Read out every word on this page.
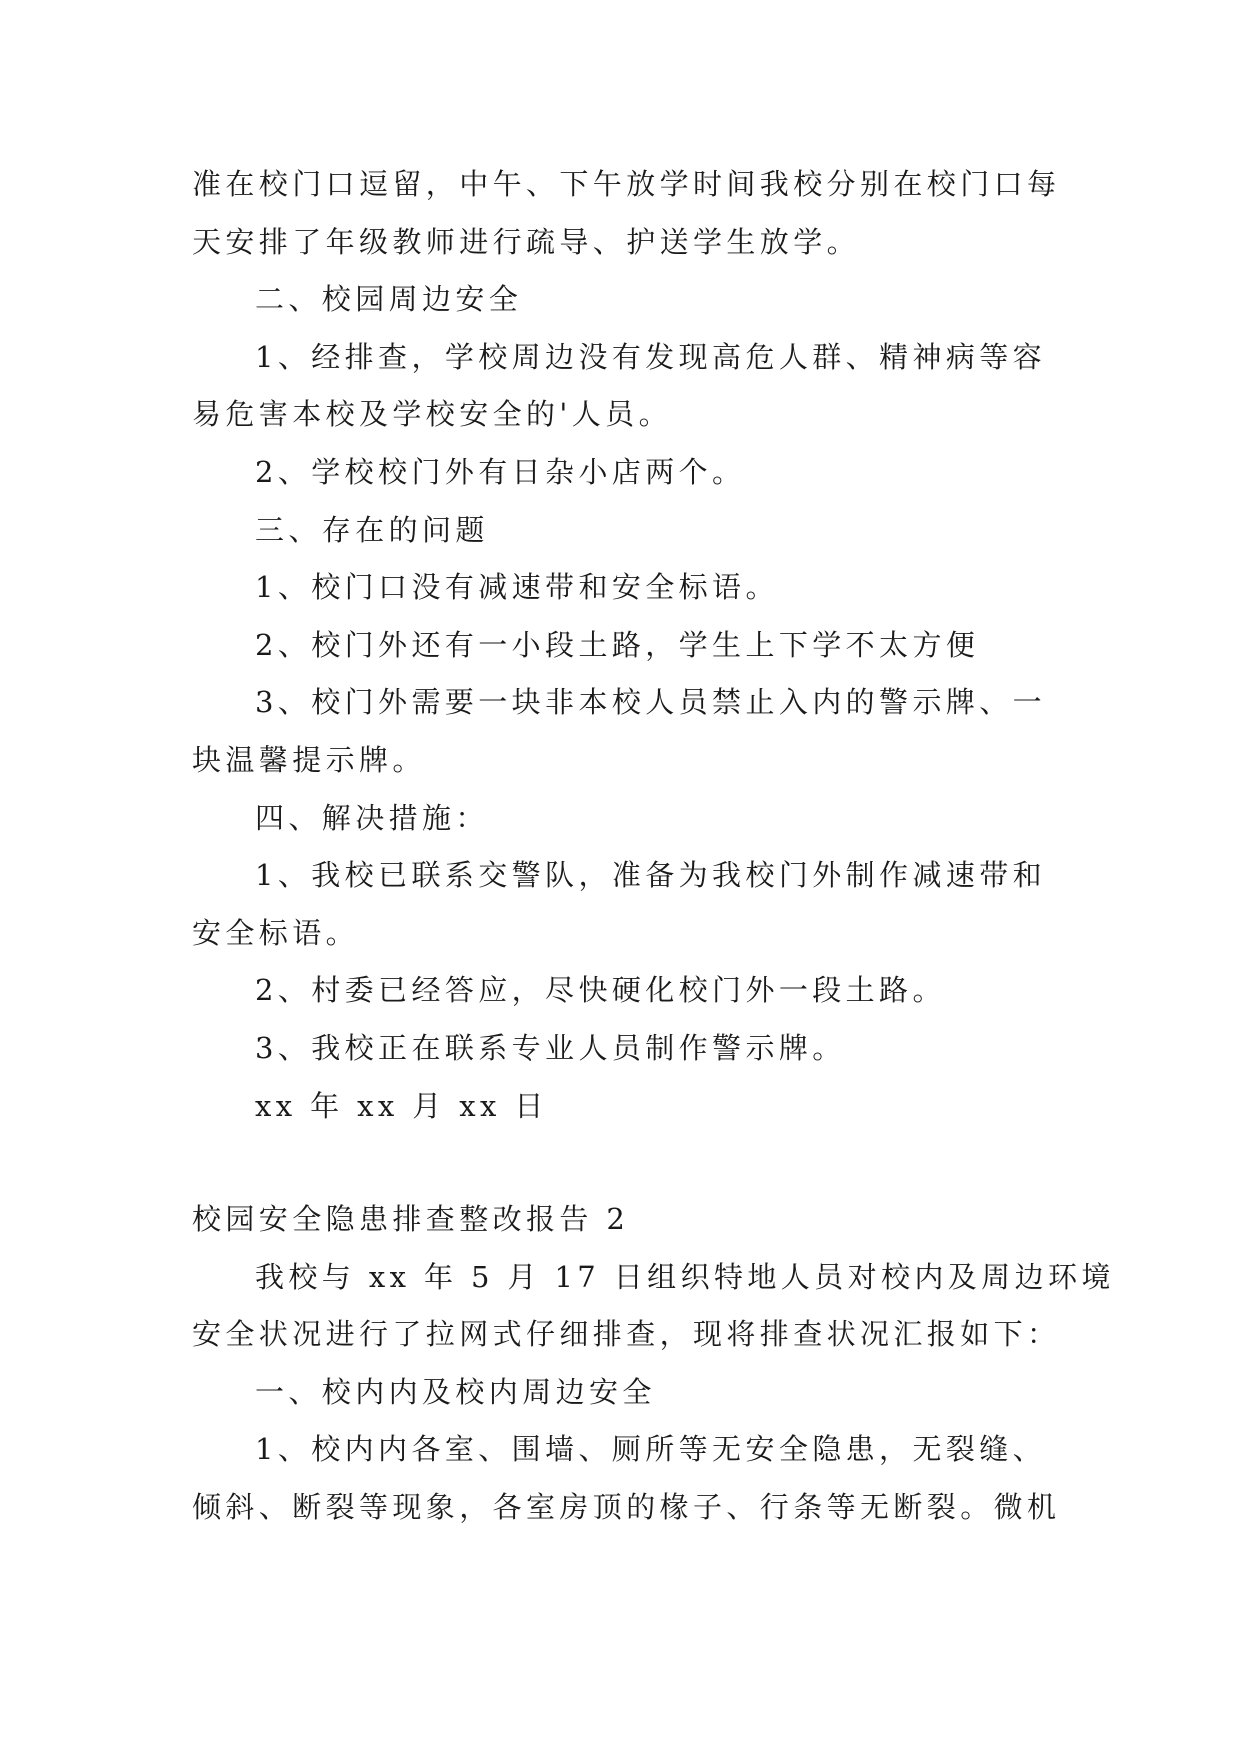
准在校门口逗留，中午、下午放学时间我校分别在校门口每
天安排了年级教师进行疏导、护送学生放学。
二、校园周边安全
1、经排查，学校周边没有发现高危人群、精神病等容
易危害本校及学校安全的'人员。
2、学校校门外有日杂小店两个。
三、存在的问题
1、校门口没有减速带和安全标语。
2、校门外还有一小段土路，学生上下学不太方便
3、校门外需要一块非本校人员禁止入内的警示牌、一
块温馨提示牌。
四、解决措施：
1、我校已联系交警队，准备为我校门外制作减速带和
安全标语。
2、村委已经答应，尽快硬化校门外一段土路。
3、我校正在联系专业人员制作警示牌。
xx 年 xx 月 xx 日
校园安全隐患排查整改报告 2
我校与 xx 年 5 月 17 日组织特地人员对校内及周边环境
安全状况进行了拉网式仔细排查，现将排查状况汇报如下：
一、校内内及校内周边安全
1、校内内各室、围墙、厕所等无安全隐患，无裂缝、
倾斜、断裂等现象，各室房顶的椽子、行条等无断裂。微机
